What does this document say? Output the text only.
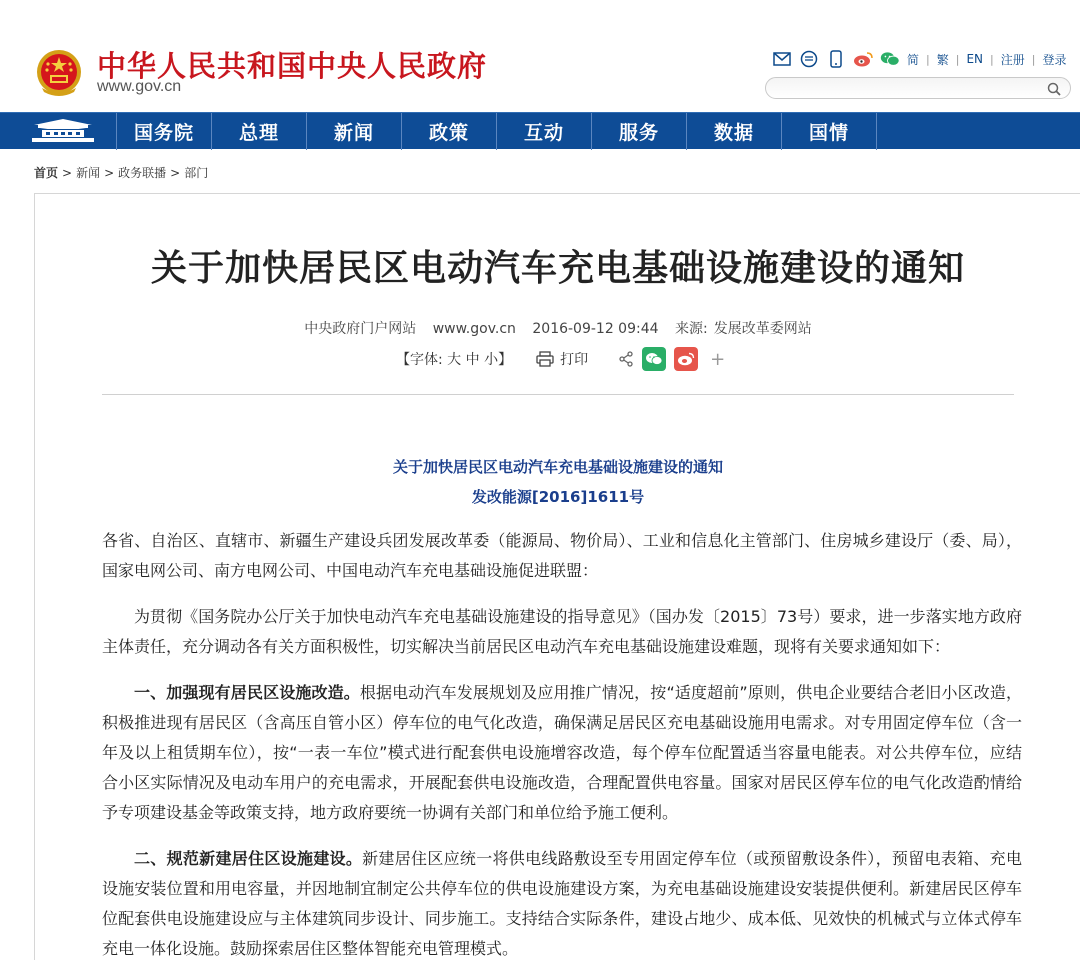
中华人民共和国中央人民政府
www.gov.cn
简 | 繁 | EN | 注册 | 登录
国务院	总理	新闻	政策	互动	服务	数据	国情
首页 > 新闻 > 政务联播 > 部门
关于加快居民区电动汽车充电基础设施建设的通知
中央政府门户网站 www.gov.cn 2016-09-12 09:44 来源: 发展改革委网站
【字体: 大 中 小】	打印	+
关于加快居民区电动汽车充电基础设施建设的通知
发改能源[2016]1611号

各省、自治区、直辖市、新疆生产建设兵团发展改革委（能源局、物价局）、工业和信息化主管部门、住房城乡建设厅（委、局），国家电网公司、南方电网公司、中国电动汽车充电基础设施促进联盟：

为贯彻《国务院办公厅关于加快电动汽车充电基础设施建设的指导意见》（国办发〔2015〕73号）要求，进一步落实地方政府主体责任，充分调动各有关方面积极性，切实解决当前居民区电动汽车充电基础设施建设难题，现将有关要求通知如下：

一、加强现有居民区设施改造。根据电动汽车发展规划及应用推广情况，按“适度超前”原则，供电企业要结合老旧小区改造，积极推进现有居民区（含高压自管小区）停车位的电气化改造，确保满足居民区充电基础设施用电需求。对专用固定停车位（含一年及以上租赁期车位），按“一表一车位”模式进行配套供电设施增容改造，每个停车位配置适当容量电能表。对公共停车位，应结合小区实际情况及电动车用户的充电需求，开展配套供电设施改造，合理配置供电容量。国家对居民区停车位的电气化改造酌情给予专项建设基金等政策支持，地方政府要统一协调有关部门和单位给予施工便利。

二、规范新建居住区设施建设。新建居住区应统一将供电线路敷设至专用固定停车位（或预留敷设条件），预留电表箱、充电设施安装位置和用电容量，并因地制宜制定公共停车位的供电设施建设方案，为充电基础设施建设安装提供便利。新建居民区停车位配套供电设施建设应与主体建筑同步设计、同步施工。支持结合实际条件，建设占地少、成本低、见效快的机械式与立体式停车充电一体化设施。鼓励探索居住区整体智能充电管理模式。
